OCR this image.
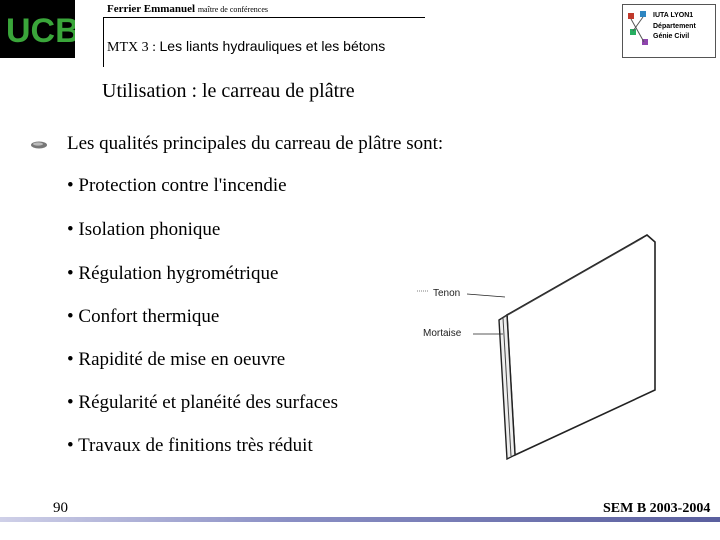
UCB
Ferrier Emmanuel maître de conférences
MTX 3 : Les liants hydrauliques et les bétons
IUTA LYON1
Département
Génie Civil
Utilisation : le carreau de plâtre
Les qualités principales du carreau de plâtre sont:
• Protection contre l'incendie
• Isolation phonique
• Régulation hygrométrique
• Confort thermique
• Rapidité de mise en oeuvre
• Régularité et planéité des surfaces
• Travaux de finitions très réduit
Tenon
Mortaise
90	SEM B 2003-2004
